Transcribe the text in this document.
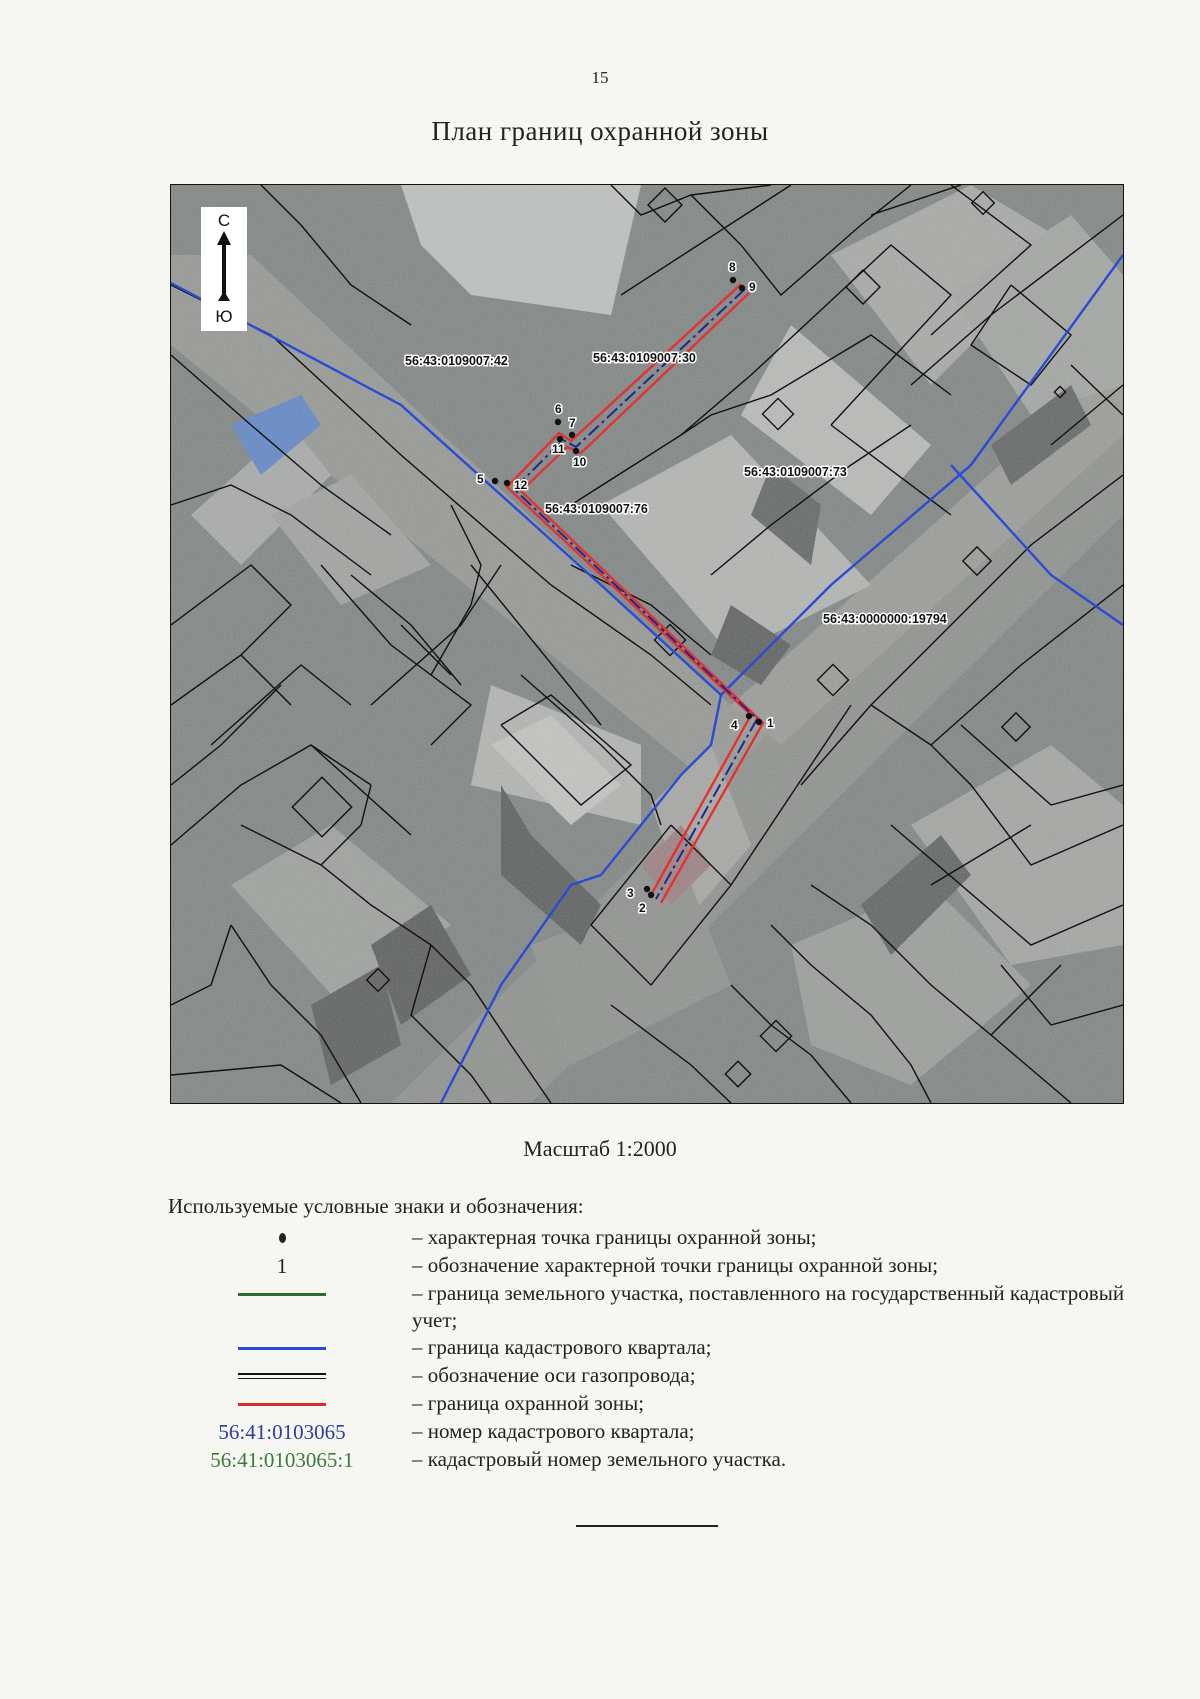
15
План границ охранной зоны
1
2
3
4
5
6
7
8
9
10
11
12
56:43:0109007:42	56:43:0109007:30
56:43:0109007:73
56:43:0109007:76
56:43:0000000:19794
С
Ю
Масштаб 1:2000
Используемые условные знаки и обозначения:
– характерная точка границы охранной зоны;
1	– обозначение характерной точки границы охранной зоны;
– граница земельного участка, поставленного на государственный кадастровый учет;
– граница кадастрового квартала;
– обозначение оси газопровода;
– граница охранной зоны;
56:41:0103065	– номер кадастрового квартала;
56:41:0103065:1	– кадастровый номер земельного участка.
